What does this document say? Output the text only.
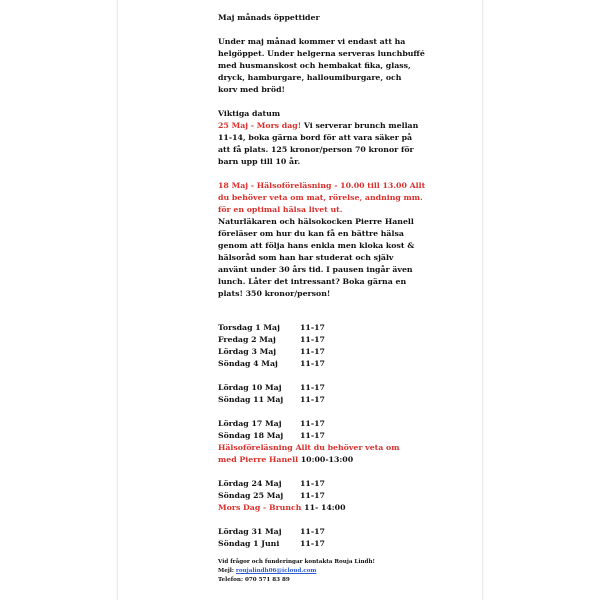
Maj månads öppettider
Under maj månad kommer vi endast att ha
helgöppet. Under helgerna serveras lunchbuffé
med husmanskost och hembakat fika, glass,
dryck, hamburgare, halloumiburgare, och
korv med bröd!
Viktiga datum
25 Maj - Mors dag! Vi serverar brunch mellan
11-14, boka gärna bord för att vara säker på
att få plats. 125 kronor/person 70 kronor för
barn upp till 10 år.
18 Maj - Hälsoföreläsning - 10.00 till 13.00 Allt
du behöver veta om mat, rörelse, andning mm.
för en optimal hälsa livet ut.
Naturläkaren och hälsokocken Pierre Hanell
föreläser om hur du kan få en bättre hälsa
genom att följa hans enkla men kloka kost &
hälsoråd som han har studerat och själv
använt under 30 års tid. I pausen ingår även
lunch. Låter det intressant? Boka gärna en
plats! 350 kronor/person!
Torsdag 1 Maj	11-17
Fredag 2 Maj	11-17
Lördag 3 Maj	11-17
Söndag 4 Maj	11-17
Lördag 10 Maj 11-17
Söndag 11 Maj 11-17
Lördag 17 Maj 11-17
Söndag 18 Maj 11-17
Hälsoföreläsning Allt du behöver veta om
med Pierre Hanell 10:00-13:00
Lördag 24 Maj 11-17
Söndag 25 Maj 11-17
Mors Dag - Brunch 11- 14:00
Lördag 31 Maj 11-17
Söndag 1 Juni	11-17
Vid frågor och funderingar kontakta Rouja Lindh!
Mejl: roujalindh06@icloud.com
Telefon: 070 571 83 89
